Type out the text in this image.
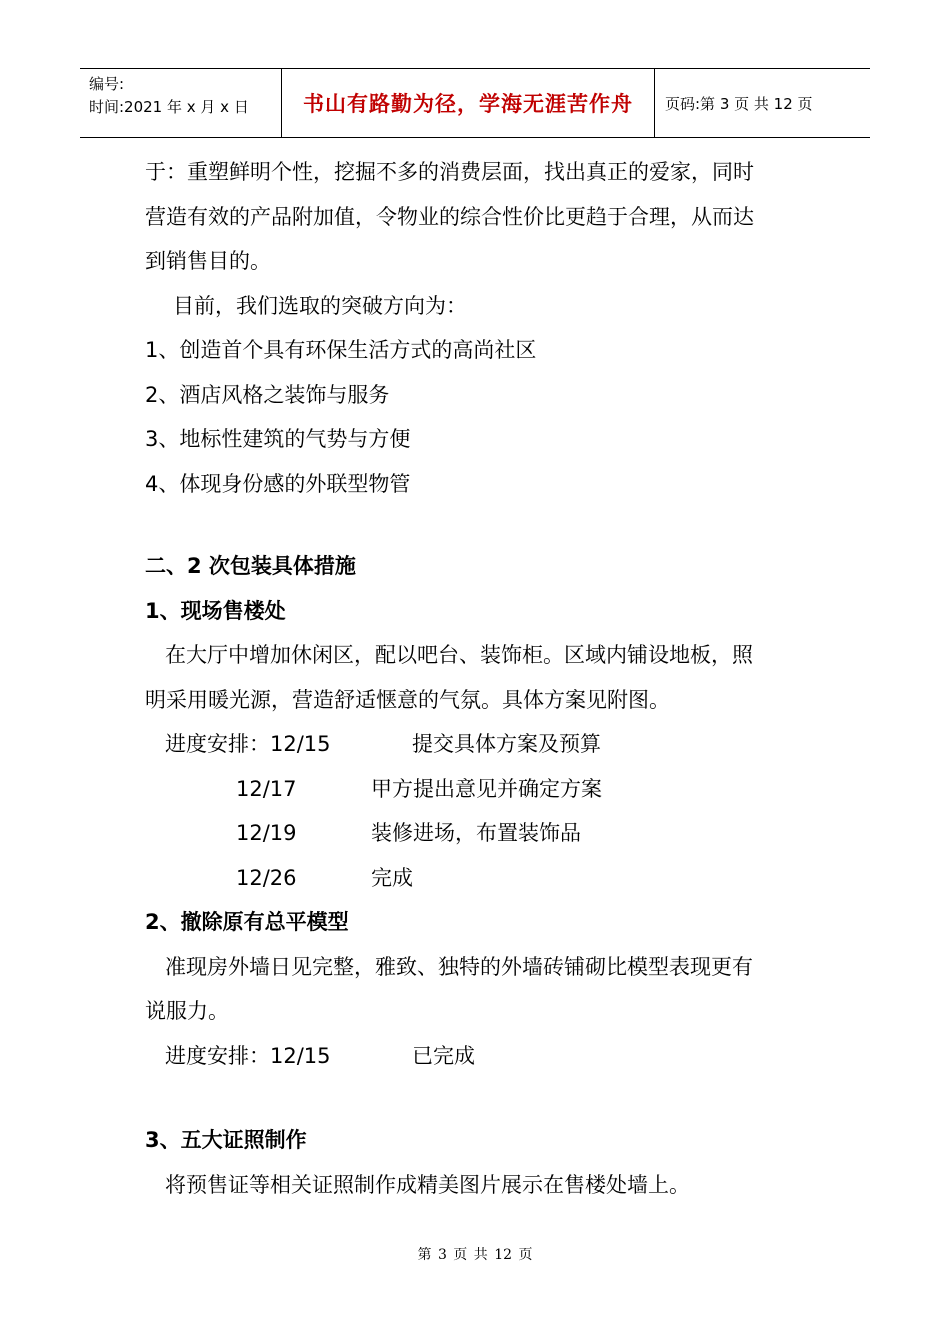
编号:
时间:2021 年 x 月 x 日	书山有路勤为径，学海无涯苦作舟	页码:第 3 页 共 12 页
于：重塑鲜明个性，挖掘不多的消费层面，找出真正的爱家，同时
营造有效的产品附加值，令物业的综合性价比更趋于合理，从而达
到销售目的。
目前，我们选取的突破方向为：
1、创造首个具有环保生活方式的高尚社区
2、酒店风格之装饰与服务
3、地标性建筑的气势与方便
4、体现身份感的外联型物管
二、2 次包装具体措施
1、现场售楼处
在大厅中增加休闲区，配以吧台、装饰柜。区域内铺设地板，照
明采用暖光源，营造舒适惬意的气氛。具体方案见附图。
进度安排：12/15	提交具体方案及预算
12/17	甲方提出意见并确定方案
12/19	装修进场，布置装饰品
12/26	完成
2、撤除原有总平模型
准现房外墙日见完整，雅致、独特的外墙砖铺砌比模型表现更有
说服力。
进度安排：12/15	已完成
3、五大证照制作
将预售证等相关证照制作成精美图片展示在售楼处墙上。
第 3 页 共 12 页
